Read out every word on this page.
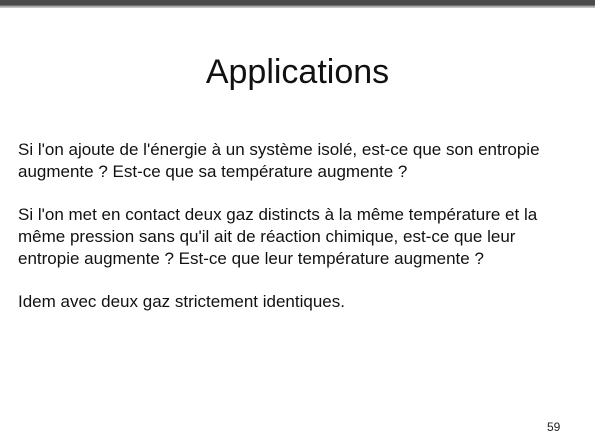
Applications

Si l'on ajoute de l'énergie à un système isolé, est-ce que son entropie
augmente ? Est-ce que sa température augmente ?

Si l'on met en contact deux gaz distincts à la même température et la
même pression sans qu'il ait de réaction chimique, est-ce que leur
entropie augmente ? Est-ce que leur température augmente ?

Idem avec deux gaz strictement identiques.

59
